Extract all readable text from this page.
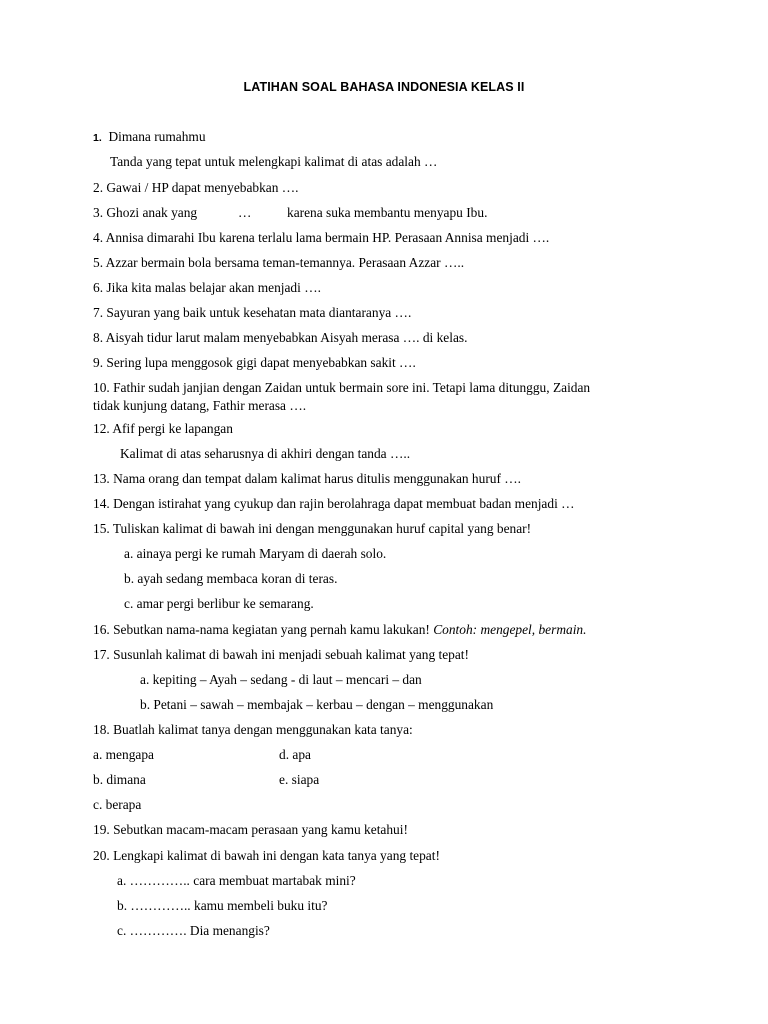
LATIHAN SOAL BAHASA INDONESIA KELAS II
1. Dimana rumahmu
Tanda yang tepat untuk melengkapi kalimat di atas adalah …
2. Gawai / HP dapat menyebabkan ….
3. Ghozi anak yang	…	karena suka membantu menyapu Ibu.
4. Annisa dimarahi Ibu karena terlalu lama bermain HP. Perasaan Annisa menjadi ….
5. Azzar bermain bola bersama teman-temannya. Perasaan Azzar …..
6. Jika kita malas belajar akan menjadi ….
7. Sayuran yang baik untuk kesehatan mata diantaranya ….
8. Aisyah tidur larut malam menyebabkan Aisyah merasa …. di kelas.
9. Sering lupa menggosok gigi dapat menyebabkan sakit ….
10. Fathir sudah janjian dengan Zaidan untuk bermain sore ini. Tetapi lama ditunggu, Zaidan
tidak kunjung datang, Fathir merasa ….
12. Afif pergi ke lapangan
Kalimat di atas seharusnya di akhiri dengan tanda …..
13. Nama orang dan tempat dalam kalimat harus ditulis menggunakan huruf ….
14. Dengan istirahat yang cyukup dan rajin berolahraga dapat membuat badan menjadi …
15. Tuliskan kalimat di bawah ini dengan menggunakan huruf capital yang benar!
a. ainaya pergi ke rumah Maryam di daerah solo.
b. ayah sedang membaca koran di teras.
c. amar pergi berlibur ke semarang.
16. Sebutkan nama-nama kegiatan yang pernah kamu lakukan! Contoh: mengepel, bermain.
17. Susunlah kalimat di bawah ini menjadi sebuah kalimat yang tepat!
a. kepiting – Ayah – sedang - di laut – mencari – dan
b. Petani – sawah – membajak – kerbau – dengan – menggunakan
18. Buatlah kalimat tanya dengan menggunakan kata tanya:
a. mengapa	d. apa
b. dimana	e. siapa
c. berapa
19. Sebutkan macam-macam perasaan yang kamu ketahui!
20. Lengkapi kalimat di bawah ini dengan kata tanya yang tepat!
a. ………….. cara membuat martabak mini?
b. ………….. kamu membeli buku itu?
c. …………. Dia menangis?
